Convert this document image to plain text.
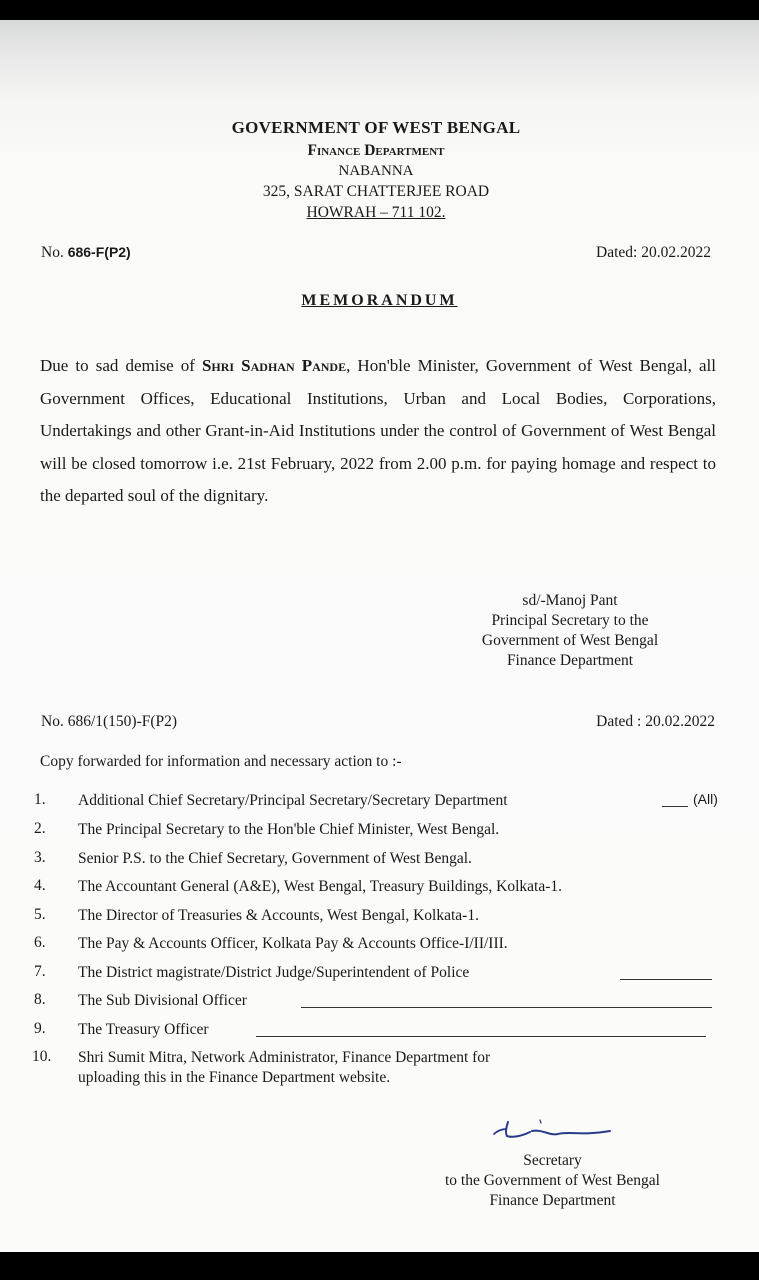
GOVERNMENT OF WEST BENGAL
Finance Department
NABANNA
325, SARAT CHATTERJEE ROAD
HOWRAH – 711 102.
No. 686-F(P2)	Dated: 20.02.2022
MEMORANDUM
Due to sad demise of Shri Sadhan Pande, Hon'ble Minister, Government of West Bengal, all Government Offices, Educational Institutions, Urban and Local Bodies, Corporations, Undertakings and other Grant-in-Aid Institutions under the control of Government of West Bengal will be closed tomorrow i.e. 21st February, 2022 from 2.00 p.m. for paying homage and respect to the departed soul of the dignitary.
sd/-Manoj Pant
Principal Secretary to the
Government of West Bengal
Finance Department
No. 686/1(150)-F(P2)	Dated : 20.02.2022
Copy forwarded for information and necessary action to :-
1. Additional Chief Secretary/Principal Secretary/Secretary Department	(All)
2. The Principal Secretary to the Hon'ble Chief Minister, West Bengal.
3. Senior P.S. to the Chief Secretary, Government of West Bengal.
4. The Accountant General (A&E), West Bengal, Treasury Buildings, Kolkata-1.
5. The Director of Treasuries & Accounts, West Bengal, Kolkata-1.
6. The Pay & Accounts Officer, Kolkata Pay & Accounts Office-I/II/III.
7. The District magistrate/District Judge/Superintendent of Police
8. The Sub Divisional Officer
9. The Treasury Officer
10. Shri Sumit Mitra, Network Administrator, Finance Department for
uploading this in the Finance Department website.
Secretary
to the Government of West Bengal
Finance Department
